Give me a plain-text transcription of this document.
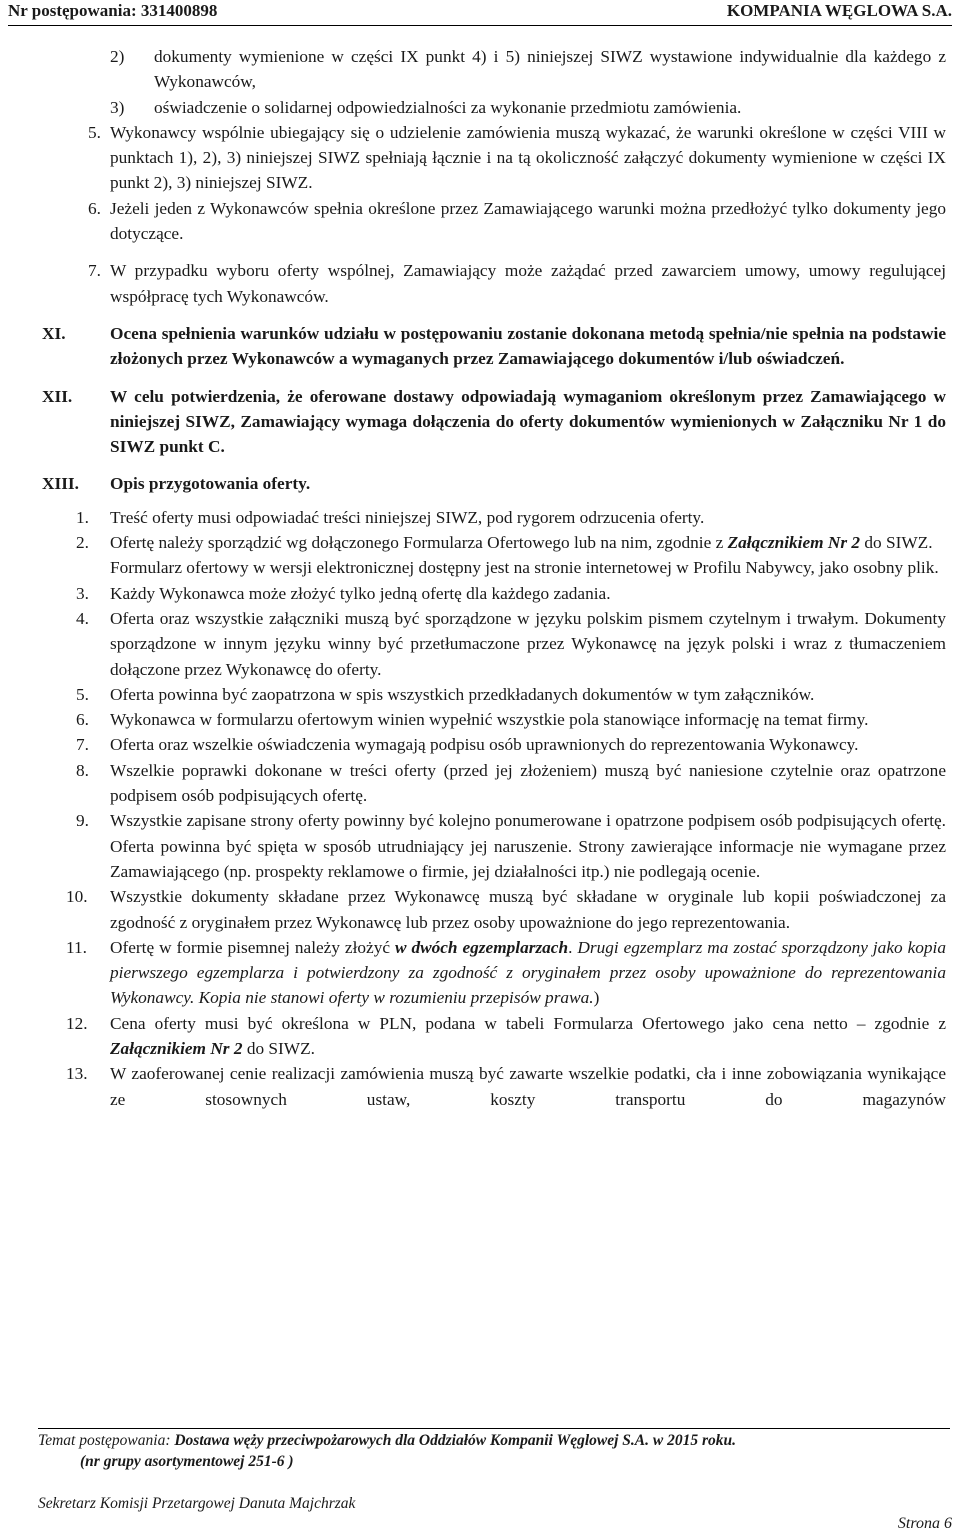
Nr postępowania: 331400898	KOMPANIA WĘGLOWA S.A.
2)	dokumenty wymienione w części IX punkt 4) i 5) niniejszej SIWZ wystawione indywidualnie dla każdego z Wykonawców,
3)	oświadczenie o solidarnej odpowiedzialności za wykonanie przedmiotu zamówienia.
5. Wykonawcy wspólnie ubiegający się o udzielenie zamówienia muszą wykazać, że warunki określone w części VIII w punktach 1), 2), 3) niniejszej SIWZ spełniają łącznie i na tą okoliczność załączyć dokumenty wymienione w części IX punkt 2), 3) niniejszej SIWZ.
6. Jeżeli jeden z Wykonawców spełnia określone przez Zamawiającego warunki można przedłożyć tylko dokumenty jego dotyczące.
7. W przypadku wyboru oferty wspólnej, Zamawiający może zażądać przed zawarciem umowy, umowy regulującej współpracę tych Wykonawców.
XI.	Ocena spełnienia warunków udziału w postępowaniu zostanie dokonana metodą spełnia/nie spełnia na podstawie złożonych przez Wykonawców a wymaganych przez Zamawiającego dokumentów i/lub oświadczeń.
XII.	W celu potwierdzenia, że oferowane dostawy odpowiadają wymaganiom określonym przez Zamawiającego w niniejszej SIWZ, Zamawiający wymaga dołączenia do oferty dokumentów wymienionych w Załączniku Nr 1 do SIWZ punkt C.
XIII.	Opis przygotowania oferty.
1.	Treść oferty musi odpowiadać treści niniejszej SIWZ, pod rygorem odrzucenia oferty.
2.	Ofertę należy sporządzić wg dołączonego Formularza Ofertowego lub na nim, zgodnie z Załącznikiem Nr 2 do SIWZ.
Formularz ofertowy w wersji elektronicznej dostępny jest na stronie internetowej w Profilu Nabywcy, jako osobny plik.
3.	Każdy Wykonawca może złożyć tylko jedną ofertę dla każdego zadania.
4.	Oferta oraz wszystkie załączniki muszą być sporządzone w języku polskim pismem czytelnym i trwałym. Dokumenty sporządzone w innym języku winny być przetłumaczone przez Wykonawcę na język polski i wraz z tłumaczeniem dołączone przez Wykonawcę do oferty.
5.	Oferta powinna być zaopatrzona w spis wszystkich przedkładanych dokumentów w tym załączników.
6.	Wykonawca w formularzu ofertowym winien wypełnić wszystkie pola stanowiące informację na temat firmy.
7.	Oferta oraz wszelkie oświadczenia wymagają podpisu osób uprawnionych do reprezentowania Wykonawcy.
8.	Wszelkie poprawki dokonane w treści oferty (przed jej złożeniem) muszą być naniesione czytelnie oraz opatrzone podpisem osób podpisujących ofertę.
9.	Wszystkie zapisane strony oferty powinny być kolejno ponumerowane i opatrzone podpisem osób podpisujących ofertę. Oferta powinna być spięta w sposób utrudniający jej naruszenie. Strony zawierające informacje nie wymagane przez Zamawiającego (np. prospekty reklamowe o firmie, jej działalności itp.) nie podlegają ocenie.
10.	Wszystkie dokumenty składane przez Wykonawcę muszą być składane w oryginale lub kopii poświadczonej za zgodność z oryginałem przez Wykonawcę lub przez osoby upoważnione do jego reprezentowania.
11.	Ofertę w formie pisemnej należy złożyć w dwóch egzemplarzach. Drugi egzemplarz ma zostać sporządzony jako kopia pierwszego egzemplarza i potwierdzony za zgodność z oryginałem przez osoby upoważnione do reprezentowania Wykonawcy. Kopia nie stanowi oferty w rozumieniu przepisów prawa.)
12.	Cena oferty musi być określona w PLN, podana w tabeli Formularza Ofertowego jako cena netto – zgodnie z Załącznikiem Nr 2 do SIWZ.
13.	W zaoferowanej cenie realizacji zamówienia muszą być zawarte wszelkie podatki, cła i inne zobowiązania wynikające ze stosownych ustaw, koszty transportu do magazynów
Temat postępowania: Dostawa węży przeciwpożarowych dla Oddziałów Kompanii Węglowej S.A. w 2015 roku.
(nr grupy asortymentowej 251-6 )
Sekretarz Komisji Przetargowej Danuta Majchrzak
Strona 6
